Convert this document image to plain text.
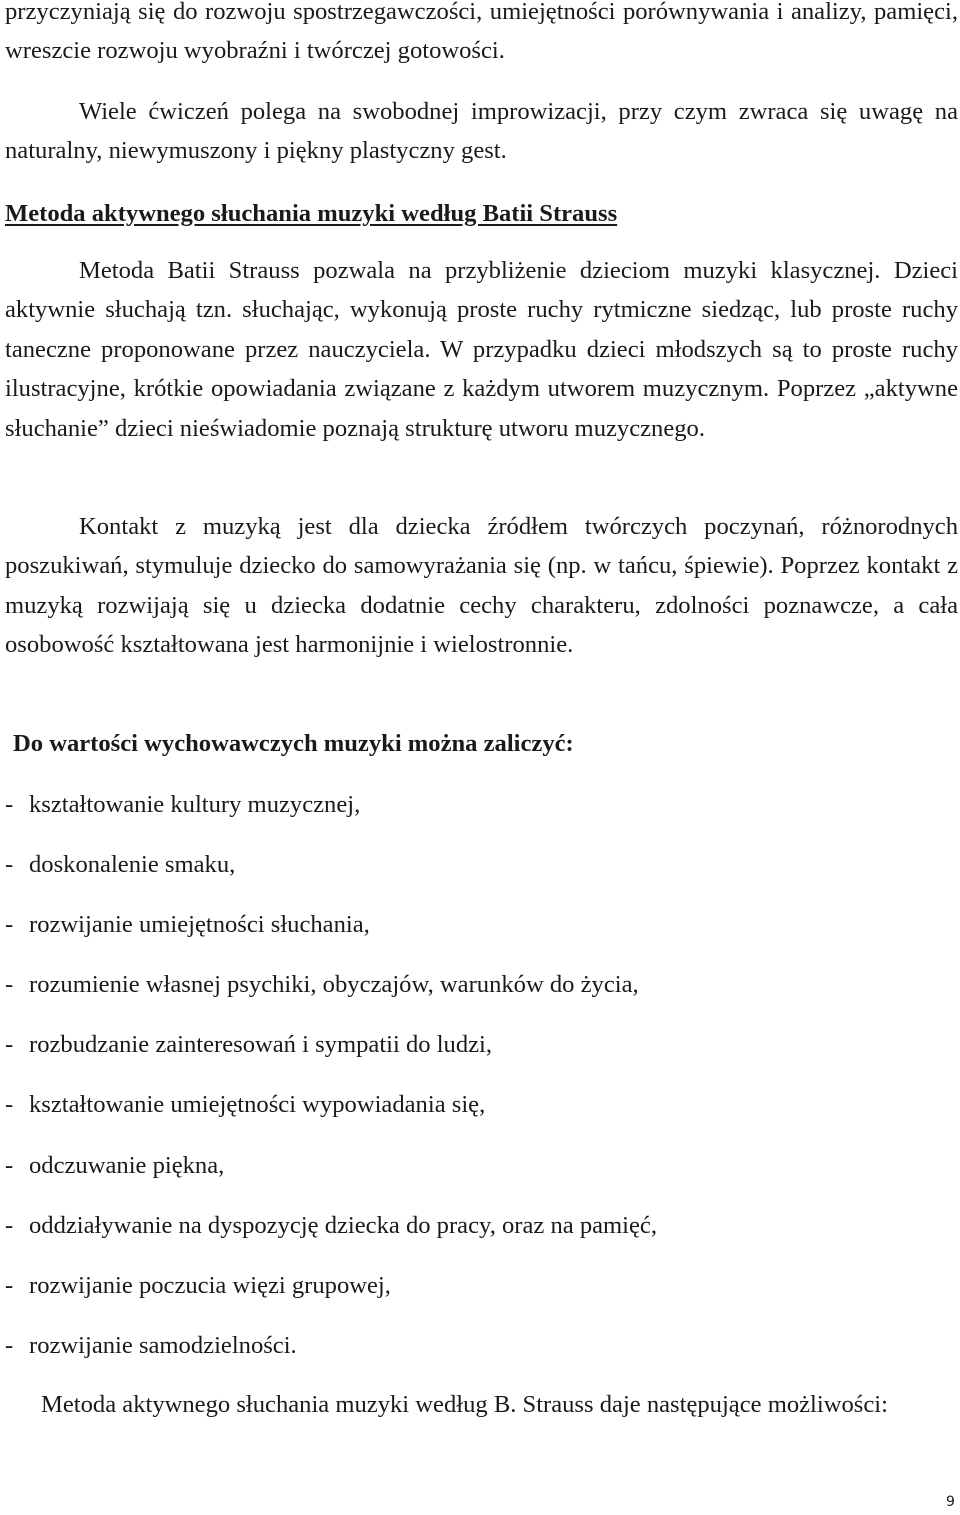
przyczyniają się do rozwoju spostrzegawczości, umiejętności porównywania i analizy, pamięci, wreszcie rozwoju wyobraźni i twórczej gotowości.

Wiele ćwiczeń polega na swobodnej improwizacji, przy czym zwraca się uwagę na naturalny, niewymuszony i piękny plastyczny gest.

Metoda aktywnego słuchania muzyki według Batii Strauss

Metoda Batii Strauss pozwala na przybliżenie dzieciom muzyki klasycznej. Dzieci aktywnie słuchają tzn. słuchając, wykonują proste ruchy rytmiczne siedząc, lub proste ruchy taneczne proponowane przez nauczyciela. W przypadku dzieci młodszych są to proste ruchy ilustracyjne, krótkie opowiadania związane z każdym utworem muzycznym. Poprzez „aktywne słuchanie” dzieci nieświadomie poznają strukturę utworu muzycznego.

Kontakt z muzyką jest dla dziecka źródłem twórczych poczynań, różnorodnych poszukiwań, stymuluje dziecko do samowyrażania się (np. w tańcu, śpiewie). Poprzez kontakt z muzyką rozwijają się u dziecka dodatnie cechy charakteru, zdolności poznawcze, a cała osobowość kształtowana jest harmonijnie i wielostronnie.

Do wartości wychowawczych muzyki można zaliczyć:
- kształtowanie kultury muzycznej,
- doskonalenie smaku,
- rozwijanie umiejętności słuchania,
- rozumienie własnej psychiki, obyczajów, warunków do życia,
- rozbudzanie zainteresowań i sympatii do ludzi,
- kształtowanie umiejętności wypowiadania się,
- odczuwanie piękna,
- oddziaływanie na dyspozycję dziecka do pracy, oraz na pamięć,
- rozwijanie poczucia więzi grupowej,
- rozwijanie samodzielności.

Metoda aktywnego słuchania muzyki według B. Strauss daje następujące możliwości:

9
